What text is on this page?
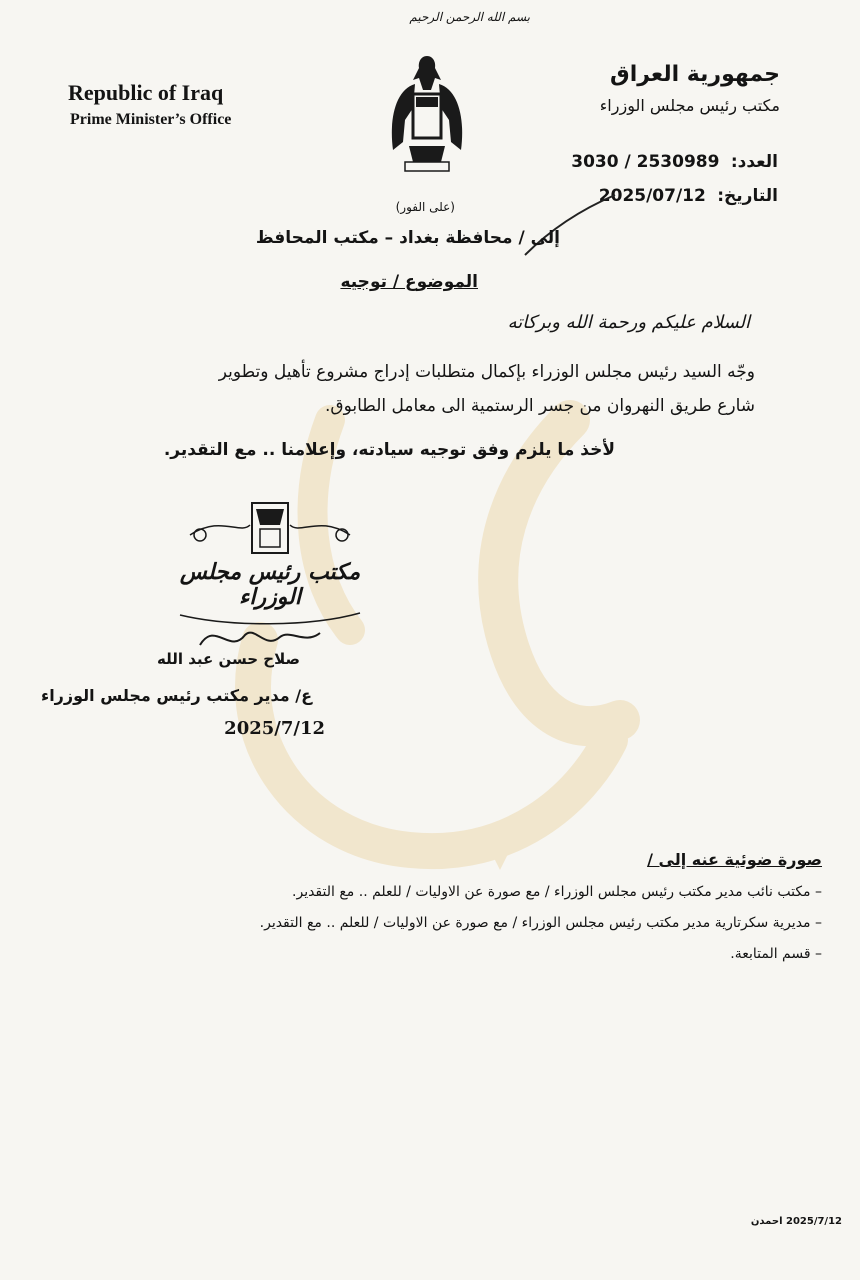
بسم الله الرحمن الرحيم
Republic of Iraq
Prime Minister’s Office
جمهورية العراق
مكتب رئيس مجلس الوزراء
العدد: 2530989 / 3030
التاريخ: 2025/07/12
(على الفور)
إلى / محافظة بغداد – مكتب المحافظ
الموضوع / توجيه
السلام عليكم ورحمة الله وبركاته
وجّه السيد رئيس مجلس الوزراء بإكمال متطلبات إدراج مشروع تأهيل وتطوير
شارع طريق النهروان من جسر الرستمية الى معامل الطابوق.
لأخذ ما يلزم وفق توجيه سيادته، وإعلامنا .. مع التقدير.
مكتب رئيس مجلس الوزراء
صلاح حسن عبد الله
ع/ مدير مكتب رئيس مجلس الوزراء
2025/7/12
صورة ضوئية عنه إلى /
– مكتب نائب مدير مكتب رئيس مجلس الوزراء / مع صورة عن الاوليات / للعلم .. مع التقدير.
– مديرية سكرتارية مدير مكتب رئيس مجلس الوزراء / مع صورة عن الاوليات / للعلم .. مع التقدير.
– قسم المتابعة.
2025/7/12 احمدن
